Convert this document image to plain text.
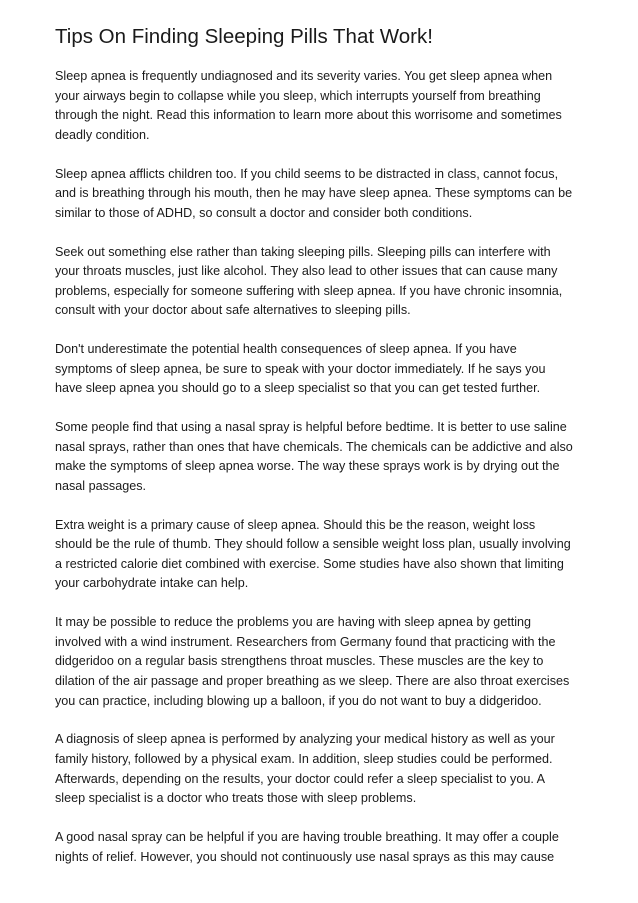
Tips On Finding Sleeping Pills That Work!

Sleep apnea is frequently undiagnosed and its severity varies. You get sleep apnea when
your airways begin to collapse while you sleep, which interrupts yourself from breathing
through the night. Read this information to learn more about this worrisome and sometimes
deadly condition.

Sleep apnea afflicts children too. If you child seems to be distracted in class, cannot focus,
and is breathing through his mouth, then he may have sleep apnea. These symptoms can be
similar to those of ADHD, so consult a doctor and consider both conditions.

Seek out something else rather than taking sleeping pills. Sleeping pills can interfere with
your throats muscles, just like alcohol. They also lead to other issues that can cause many
problems, especially for someone suffering with sleep apnea. If you have chronic insomnia,
consult with your doctor about safe alternatives to sleeping pills.

Don't underestimate the potential health consequences of sleep apnea. If you have
symptoms of sleep apnea, be sure to speak with your doctor immediately. If he says you
have sleep apnea you should go to a sleep specialist so that you can get tested further.

Some people find that using a nasal spray is helpful before bedtime. It is better to use saline
nasal sprays, rather than ones that have chemicals. The chemicals can be addictive and also
make the symptoms of sleep apnea worse. The way these sprays work is by drying out the
nasal passages.

Extra weight is a primary cause of sleep apnea. Should this be the reason, weight loss
should be the rule of thumb. They should follow a sensible weight loss plan, usually involving
a restricted calorie diet combined with exercise. Some studies have also shown that limiting
your carbohydrate intake can help.

It may be possible to reduce the problems you are having with sleep apnea by getting
involved with a wind instrument. Researchers from Germany found that practicing with the
didgeridoo on a regular basis strengthens throat muscles. These muscles are the key to
dilation of the air passage and proper breathing as we sleep. There are also throat exercises
you can practice, including blowing up a balloon, if you do not want to buy a didgeridoo.

A diagnosis of sleep apnea is performed by analyzing your medical history as well as your
family history, followed by a physical exam. In addition, sleep studies could be performed.
Afterwards, depending on the results, your doctor could refer a sleep specialist to you. A
sleep specialist is a doctor who treats those with sleep problems.

A good nasal spray can be helpful if you are having trouble breathing. It may offer a couple
nights of relief. However, you should not continuously use nasal sprays as this may cause
